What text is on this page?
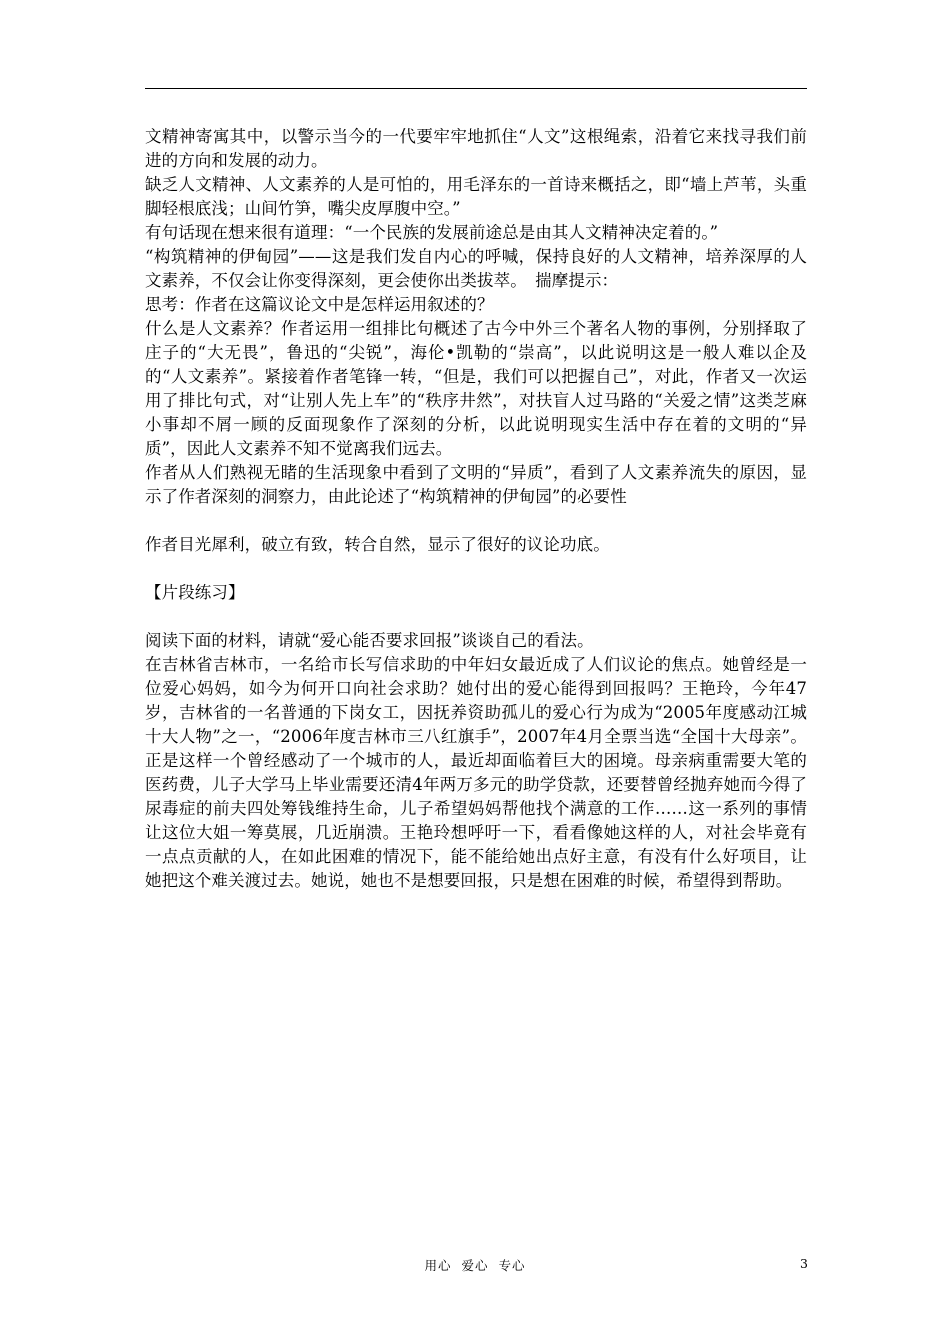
文精神寄寓其中，以警示当今的一代要牢牢地抓住“人文”这根绳索，沿着它来找寻我们前进的方向和发展的动力。

缺乏人文精神、人文素养的人是可怕的，用毛泽东的一首诗来概括之，即“墙上芦苇，头重脚轻根底浅；山间竹笋，嘴尖皮厚腹中空。”

有句话现在想来很有道理：“一个民族的发展前途总是由其人文精神决定着的。”

“构筑精神的伊甸园”——这是我们发自内心的呼喊，保持良好的人文精神，培养深厚的人文素养，不仅会让你变得深刻，更会使你出类拔萃。　揣摩提示：

思考：作者在这篇议论文中是怎样运用叙述的？

什么是人文素养？作者运用一组排比句概述了古今中外三个著名人物的事例，分别择取了庄子的“大无畏”，鲁迅的“尖锐”，海伦•凯勒的“崇高”，以此说明这是一般人难以企及的“人文素养”。紧接着作者笔锋一转，“但是，我们可以把握自己”，对此，作者又一次运用了排比句式，对“让别人先上车”的“秩序井然”，对扶盲人过马路的“关爱之情”这类芝麻小事却不屑一顾的反面现象作了深刻的分析，以此说明现实生活中存在着的文明的“异质”，因此人文素养不知不觉离我们远去。

作者从人们熟视无睹的生活现象中看到了文明的“异质”，看到了人文素养流失的原因，显示了作者深刻的洞察力，由此论述了“构筑精神的伊甸园”的必要性

作者目光犀利，破立有致，转合自然，显示了很好的议论功底。

【片段练习】

阅读下面的材料，请就“爱心能否要求回报”谈谈自己的看法。

在吉林省吉林市，一名给市长写信求助的中年妇女最近成了人们议论的焦点。她曾经是一位爱心妈妈，如今为何开口向社会求助？她付出的爱心能得到回报吗？王艳玲，今年47岁，吉林省的一名普通的下岗女工，因抚养资助孤儿的爱心行为成为“2005年度感动江城十大人物”之一，“2006年度吉林市三八红旗手”，2007年4月全票当选“全国十大母亲”。正是这样一个曾经感动了一个城市的人，最近却面临着巨大的困境。母亲病重需要大笔的医药费，儿子大学马上毕业需要还清4年两万多元的助学贷款，还要替曾经抛弃她而今得了尿毒症的前夫四处筹钱维持生命，儿子希望妈妈帮他找个满意的工作……这一系列的事情让这位大姐一筹莫展，几近崩溃。王艳玲想呼吁一下，看看像她这样的人，对社会毕竟有一点点贡献的人，在如此困难的情况下，能不能给她出点好主意，有没有什么好项目，让她把这个难关渡过去。她说，她也不是想要回报，只是想在困难的时候，希望得到帮助。

用心  爱心  专心	3
